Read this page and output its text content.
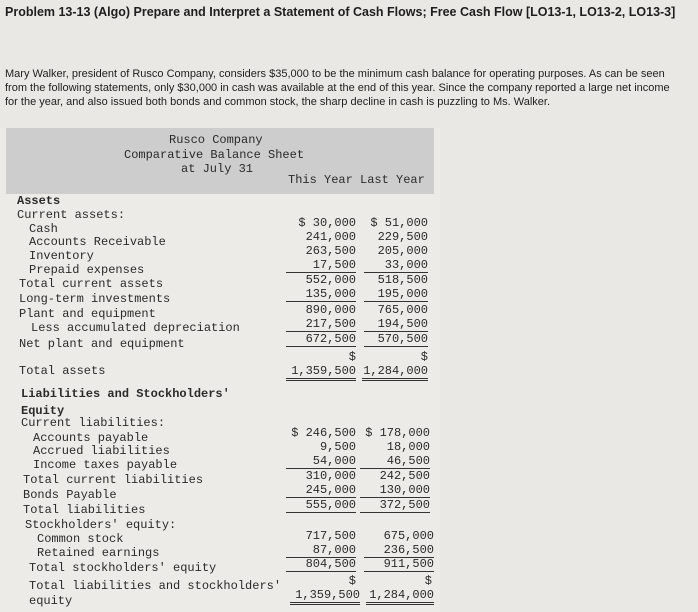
Problem 13-13 (Algo) Prepare and Interpret a Statement of Cash Flows; Free Cash Flow [LO13-1, LO13-2, LO13-3]
Mary Walker, president of Rusco Company, considers $35,000 to be the minimum cash balance for operating purposes. As can be seen from the following statements, only $30,000 in cash was available at the end of this year. Since the company reported a large net income for the year, and also issued both bonds and common stock, the sharp decline in cash is puzzling to Ms. Walker.
Rusco Company
Comparative Balance Sheet
at July 31
This Year Last Year
Assets
Current assets:
Cash	$ 30,000	$ 51,000
Accounts Receivable	241,000	229,500
Inventory	263,500	205,000
Prepaid expenses	17,500	33,000
Total current assets	552,000	518,500
Long-term investments	135,000	195,000
Plant and equipment	890,000	765,000
Less accumulated depreciation	217,500	194,500
Net plant and equipment	672,500	570,500
$	$
Total assets	1,359,500 1,284,000
Liabilities and Stockholders'
Equity
Current liabilities:
Accounts payable	$ 246,500 $ 178,000
Accrued liabilities	9,500	18,000
Income taxes payable	54,000	46,500
Total current liabilities	310,000	242,500
Bonds Payable	245,000	130,000
Total liabilities	555,000	372,500
Stockholders' equity:
Common stock	717,500	675,000
Retained earnings	87,000	236,500
Total stockholders' equity	804,500	911,500
$	$
Total liabilities and stockholders'
equity	1,359,500 1,284,000
